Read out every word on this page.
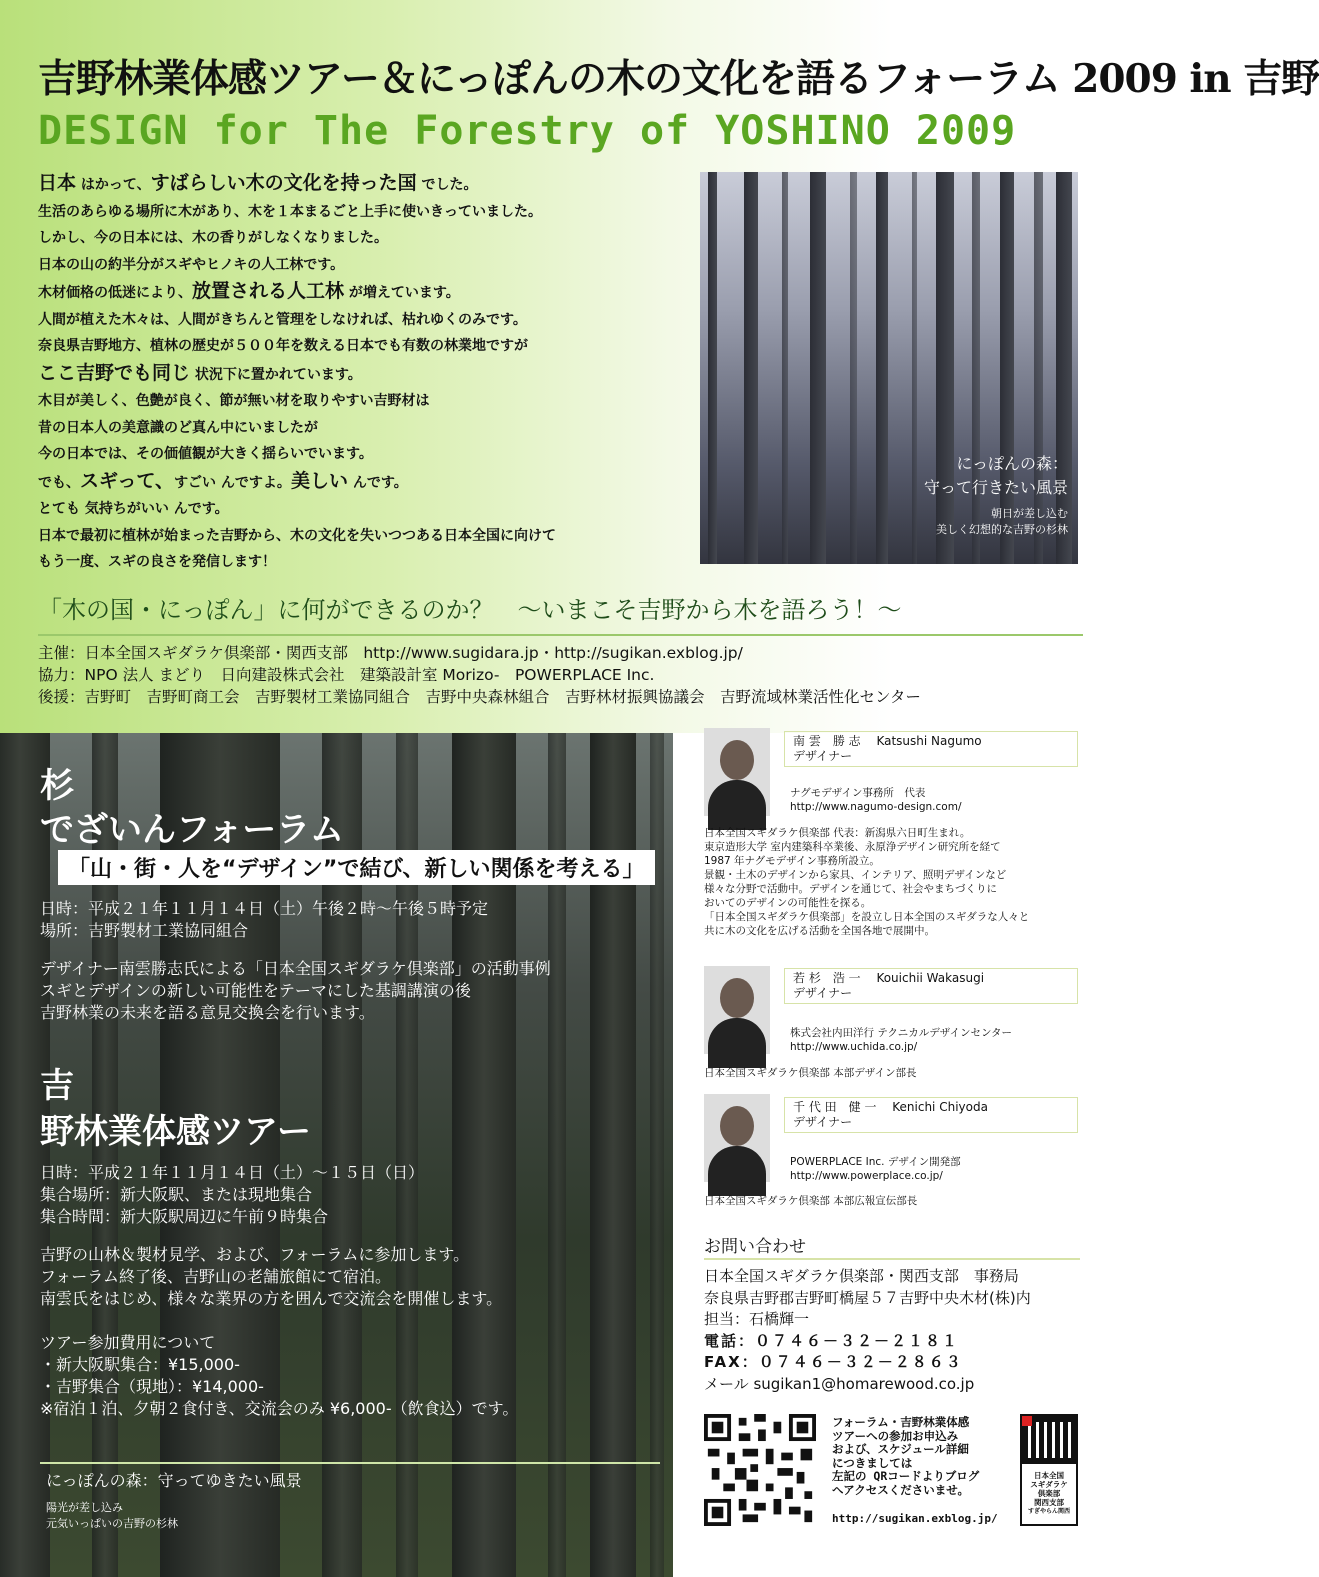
吉野林業体感ツアー＆にっぽんの木の文化を語るフォーラム 2009 in 吉野
DESIGN for The Forestry of YOSHINO 2009
日本 はかって、すばらしい木の文化を持った国 でした。
生活のあらゆる場所に木があり、木を１本まるごと上手に使いきっていました。
しかし、今の日本には、木の香りがしなくなりました。
日本の山の約半分がスギやヒノキの人工林です。
木材価格の低迷により、放置される人工林 が増えています。
人間が植えた木々は、人間がきちんと管理をしなければ、枯れゆくのみです。
奈良県吉野地方、植林の歴史が５００年を数える日本でも有数の林業地ですが
ここ吉野でも同じ 状況下に置かれています。
木目が美しく、色艶が良く、節が無い材を取りやすい吉野材は
昔の日本人の美意識のど真ん中にいましたが
今の日本では、その価値観が大きく揺らいでいます。
でも、スギって、すごい んですよ。美しい んです。
とても 気持ちがいい んです。
日本で最初に植林が始まった吉野から、木の文化を失いつつある日本全国に向けて
もう一度、スギの良さを発信します！
にっぽんの森：
守って行きたい風景
朝日が差し込む
美しく幻想的な吉野の杉林
「木の国・にっぽん」に何ができるのか？　～いまこそ吉野から木を語ろう！～
主催：日本全国スギダラケ倶楽部・関西支部　http://www.sugidara.jp・http://sugikan.exblog.jp/
協力：NPO 法人 まどり　日向建設株式会社　建築設計室 Morizo-　POWERPLACE Inc.
後援：吉野町　吉野町商工会　吉野製材工業協同組合　吉野中央森林組合　吉野林材振興協議会　吉野流域林業活性化センター
杉
でざいんフォーラム
「山・街・人を“デザイン”で結び、新しい関係を考える」
日時：平成２１年１１月１４日（土）午後２時～午後５時予定
場所：吉野製材工業協同組合
デザイナー南雲勝志氏による「日本全国スギダラケ倶楽部」の活動事例
スギとデザインの新しい可能性をテーマにした基調講演の後
吉野林業の未来を語る意見交換会を行います。
吉
野林業体感ツアー
日時：平成２１年１１月１４日（土）～１５日（日）
集合場所：新大阪駅、または現地集合
集合時間：新大阪駅周辺に午前９時集合
吉野の山林＆製材見学、および、フォーラムに参加します。
フォーラム終了後、吉野山の老舗旅館にて宿泊。
南雲氏をはじめ、様々な業界の方を囲んで交流会を開催します。
ツアー参加費用について
・新大阪駅集合：¥15,000-
・吉野集合（現地）：¥14,000-
※宿泊１泊、夕朝２食付き、交流会のみ ¥6,000-（飲食込）です。
にっぽんの森：守ってゆきたい風景
陽光が差し込み
元気いっぱいの吉野の杉林
南 雲　勝 志　 Katsushi Nagumo
デザイナー
ナグモデザイン事務所　代表
http://www.nagumo-design.com/
日本全国スギダラケ倶楽部 代表：新潟県六日町生まれ。
東京造形大学 室内建築科卒業後、永原浄デザイン研究所を経て
1987 年ナグモデザイン事務所設立。
景観・土木のデザインから家具、インテリア、照明デザインなど
様々な分野で活動中。デザインを通じて、社会やまちづくりに
おいてのデザインの可能性を探る。
「日本全国スギダラケ倶楽部」を設立し日本全国のスギダラな人々と
共に木の文化を広げる活動を全国各地で展開中。
若 杉　浩 一　 Kouichii Wakasugi
デザイナー
株式会社内田洋行 テクニカルデザインセンター
http://www.uchida.co.jp/
日本全国スギダラケ倶楽部 本部デザイン部長
千 代 田　健 一　 Kenichi Chiyoda
デザイナー
POWERPLACE Inc. デザイン開発部
http://www.powerplace.co.jp/
日本全国スギダラケ倶楽部 本部広報宣伝部長
お問い合わせ
日本全国スギダラケ倶楽部・関西支部　事務局
奈良県吉野郡吉野町橋屋５７吉野中央木材(株)内
担当：石橋輝一
電話：０７４６－３２－２１８１
FAX：０７４６－３２－２８６３
メール sugikan1@homarewood.co.jp
フォーラム・吉野林業体感
ツアーへの参加お申込み
および、スケジュール詳細
につきましては
左記の QRコードよりブログ
へアクセスくださいませ。
http://sugikan.exblog.jp/
日本全国
スギダラケ
倶楽部
関西支部
すぎやらん関西
